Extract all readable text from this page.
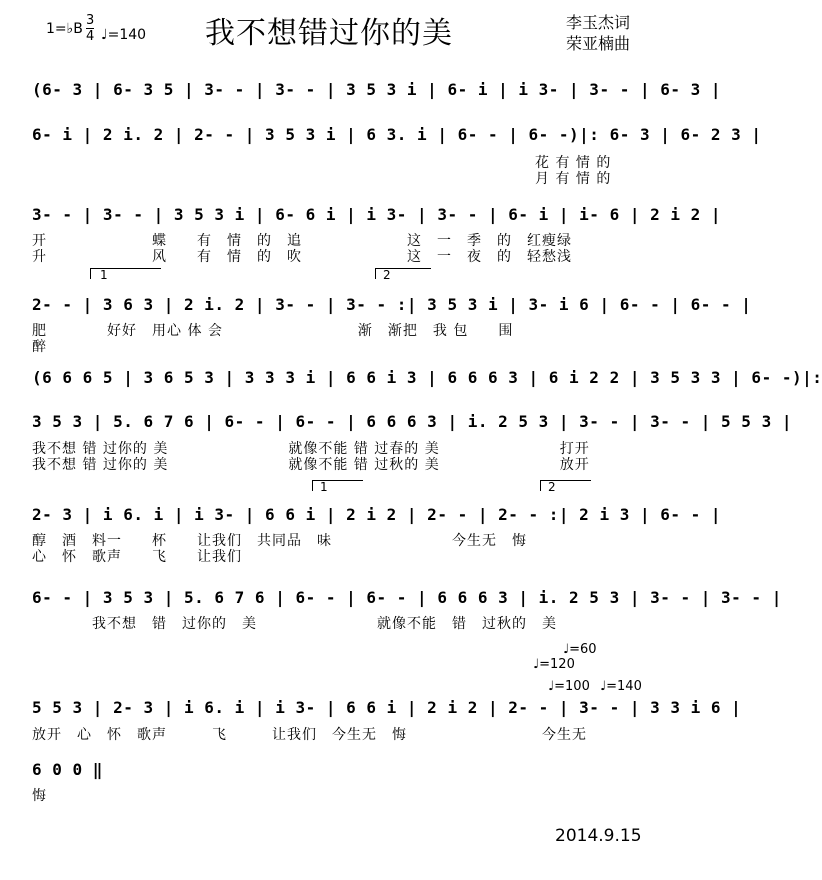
我不想错过你的美	李玉杰词
荣亚楠曲
1=♭B
3
4 ♩=140
(6- 3 | 6- 3 5 | 3- - | 3- - | 3 5 3 i | 6- i | i 3- | 3- - | 6- 3 |
6- i | 2 i. 2 | 2- - | 3 5 3 i | 6 3. i | 6- - | 6- -)|: 6- 3 | 6- 2 3 |
花 有 情 的
月 有 情 的
3- - | 3- - | 3 5 3 i | 6- 6 i | i 3- | 3- - | 6- i | i- 6 | 2 i 2 |
开　　　　　　　蝶　　有　情　的　追　　　　　　　这　一　季　的　红瘦绿
升　　　　　　　风　　有　情　的　吹　　　　　　　这　一　夜　的　轻愁浅
1	2
2- - | 3 6 3 | 2 i. 2 | 3- - | 3- - :| 3 5 3 i | 3- i 6 | 6- - | 6- - |
肥　　　　好好　用心 体 会　　　　　　　　　渐　渐把　我 包　　围
醉
(6 6 6 5 | 3 6 5 3 | 3 3 3 i | 6 6 i 3 | 6 6 6 3 | 6 i 2 2 | 3 5 3 3 | 6- -)|:
3 5 3 | 5. 6 7 6 | 6- - | 6- - | 6 6 6 3 | i. 2 5 3 | 3- - | 3- - | 5 5 3 |
我不想 错 过你的 美　　　　　　　　就像不能 错 过春的 美　　　　　　　　打开
我不想 错 过你的 美　　　　　　　　就像不能 错 过秋的 美　　　　　　　　放开
1	2
2- 3 | i 6. i | i 3- | 6 6 i | 2 i 2 | 2- - | 2- - :| 2 i 3 | 6- - |
醇　酒　料一　　杯　　让我们　共同品　味　　　　　　　　今生无　悔
心　怀　歌声　　飞　　让我们
6- - | 3 5 3 | 5. 6 7 6 | 6- - | 6- - | 6 6 6 3 | i. 2 5 3 | 3- - | 3- - |
　　　　我不想　错　过你的　美　　　　　　　　就像不能　错　过秋的　美
♩=60
♩=120
♩=100 ♩=140
5 5 3 | 2- 3 | i 6. i | i 3- | 6 6 i | 2 i 2 | 2- - | 3- - | 3 3 i 6 |
放开　心　怀　歌声　　　飞　　　让我们　今生无　悔　　　　　　　　　今生无
6 0 0 ‖
悔
2014.9.15
